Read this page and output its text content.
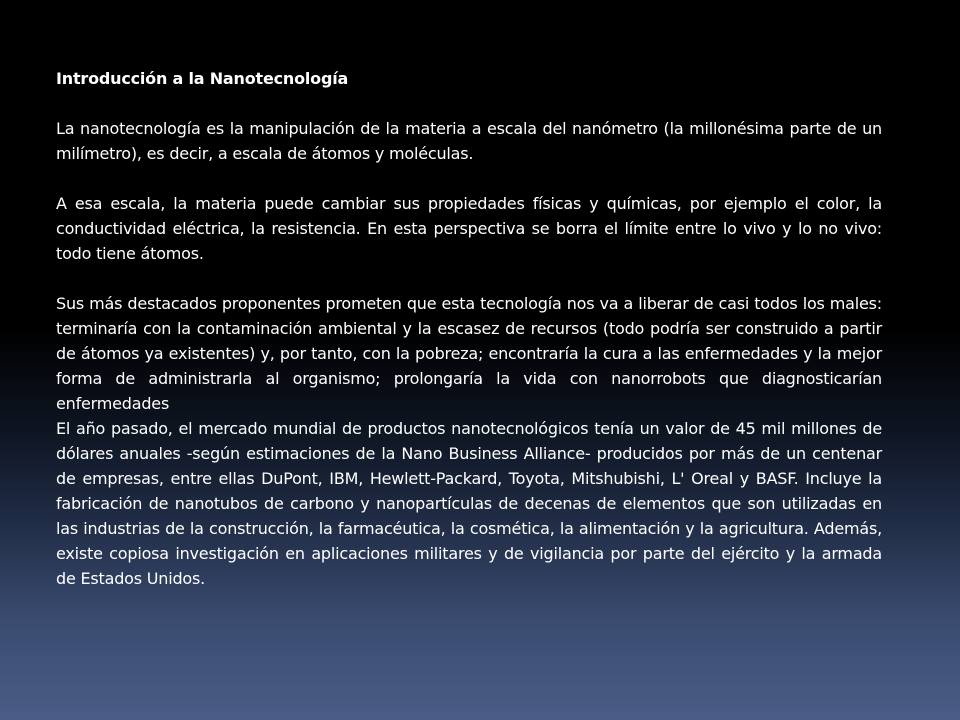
Introducción a la Nanotecnología

La nanotecnología es la manipulación de la materia a escala del nanómetro (la millonésima parte de un milímetro), es decir, a escala de átomos y moléculas.

A esa escala, la materia puede cambiar sus propiedades físicas y químicas, por ejemplo el color, la conductividad eléctrica, la resistencia. En esta perspectiva se borra el límite entre lo vivo y lo no vivo: todo tiene átomos.

Sus más destacados proponentes prometen que esta tecnología nos va a liberar de casi todos los males: terminaría con la contaminación ambiental y la escasez de recursos (todo podría ser construido a partir de átomos ya existentes) y, por tanto, con la pobreza; encontraría la cura a las enfermedades y la mejor forma de administrarla al organismo; prolongaría la vida con nanorrobots que diagnosticarían enfermedades

El año pasado, el mercado mundial de productos nanotecnológicos tenía un valor de 45 mil millones de dólares anuales -según estimaciones de la Nano Business Alliance- producidos por más de un centenar de empresas, entre ellas DuPont, IBM, Hewlett-Packard, Toyota, Mitshubishi, L' Oreal y BASF. Incluye la fabricación de nanotubos de carbono y nanopartículas de decenas de elementos que son utilizadas en las industrias de la construcción, la farmacéutica, la cosmética, la alimentación y la agricultura. Además, existe copiosa investigación en aplicaciones militares y de vigilancia por parte del ejército y la armada de Estados Unidos.
